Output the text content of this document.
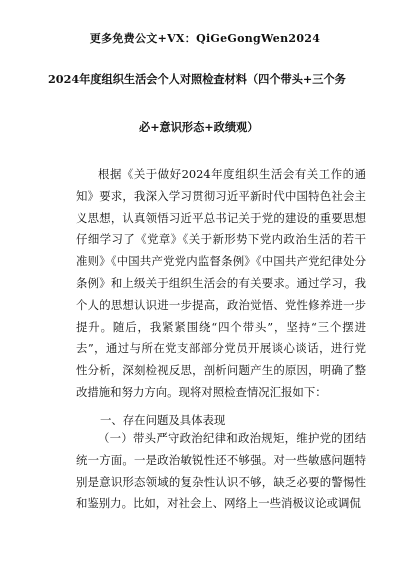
更多免费公文+VX：QiGeGongWen2024
2024年度组织生活会个人对照检查材料（四个带头+三个务
必+意识形态+政绩观）

根据《关于做好2024年度组织生活会有关工作的通知》要求，我深入学习贯彻习近平新时代中国特色社会主义思想，认真领悟习近平总书记关于党的建设的重要思想仔细学习了《党章》《关于新形势下党内政治生活的若干准则》《中国共产党党内监督条例》《中国共产党纪律处分条例》和上级关于组织生活会的有关要求。通过学习，我个人的思想认识进一步提高，政治觉悟、党性修养进一步提升。随后，我紧紧围绕“四个带头”，坚持“三个摆进去”，通过与所在党支部部分党员开展谈心谈话，进行党性分析，深刻检视反思，剖析问题产生的原因，明确了整改措施和努力方向。现将对照检查情况汇报如下：

一、存在问题及具体表现

（一）带头严守政治纪律和政治规矩，维护党的团结统一方面。一是政治敏锐性还不够强。对一些敏感问题特别是意识形态领域的复杂性认识不够，缺乏必要的警惕性和鉴别力。比如，对社会上、网络上一些消极议论或调侃
